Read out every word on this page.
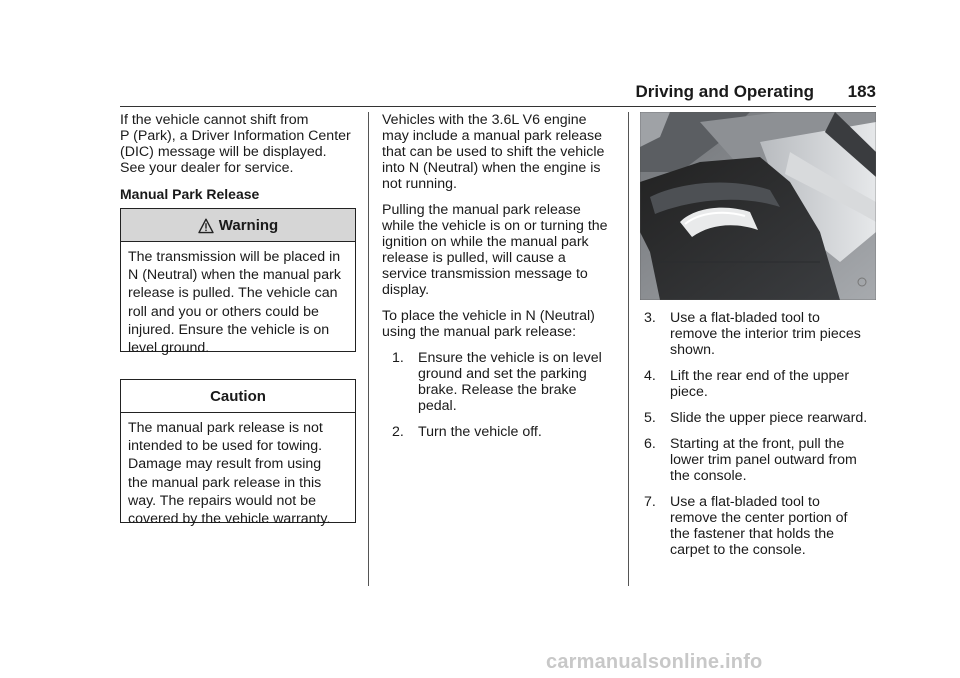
Driving and Operating 183

If the vehicle cannot shift from
P (Park), a Driver Information Center
(DIC) message will be displayed.
See your dealer for service.

Manual Park Release

Warning
The transmission will be placed in
N (Neutral) when the manual park
release is pulled. The vehicle can
roll and you or others could be
injured. Ensure the vehicle is on
level ground.
Caution
The manual park release is not
intended to be used for towing.
Damage may result from using
the manual park release in this
way. The repairs would not be
covered by the vehicle warranty.

Vehicles with the 3.6L V6 engine
may include a manual park release
that can be used to shift the vehicle
into N (Neutral) when the engine is
not running.

Pulling the manual park release
while the vehicle is on or turning the
ignition on while the manual park
release is pulled, will cause a
service transmission message to
display.

To place the vehicle in N (Neutral)
using the manual park release:

1. Ensure the vehicle is on level
ground and set the parking
brake. Release the brake
pedal.
2. Turn the vehicle off.
3. Use a flat-bladed tool to
remove the interior trim pieces
shown.
4. Lift the rear end of the upper
piece.
5. Slide the upper piece rearward.
6. Starting at the front, pull the
lower trim panel outward from
the console.
7. Use a flat-bladed tool to
remove the center portion of
the fastener that holds the
carpet to the console.
carmanualsonline.info
